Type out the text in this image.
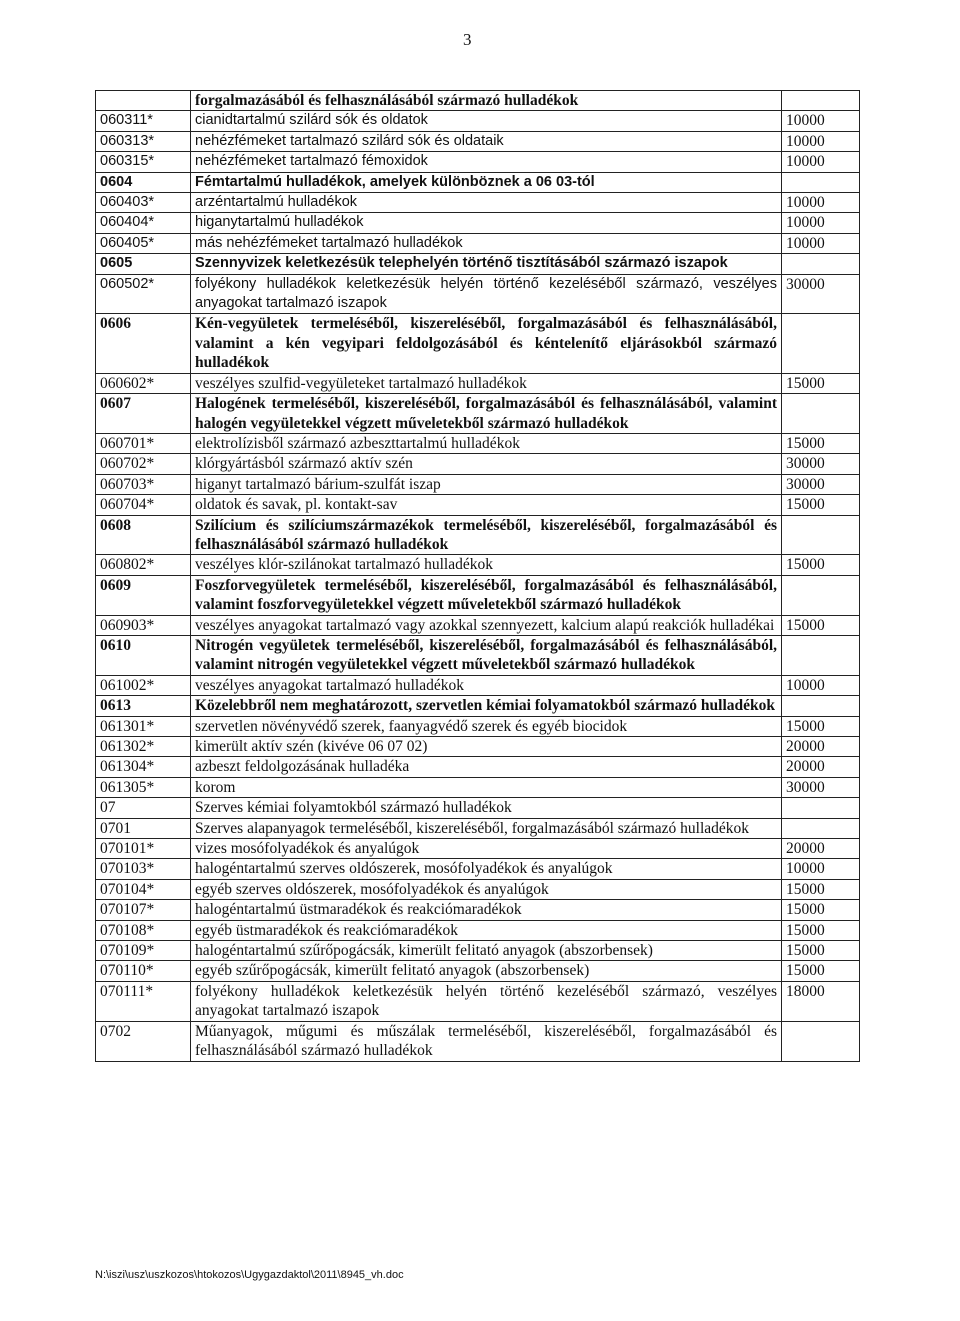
3
	forgalmazásából és felhasználásából származó hulladékok	
060311*	cianidtartalmú szilárd sók és oldatok	10000
060313*	nehézfémeket tartalmazó szilárd sók és oldataik	10000
060315*	nehézfémeket tartalmazó fémoxidok	10000
0604	Fémtartalmú hulladékok, amelyek különböznek a 06 03-tól	
060403*	arzéntartalmú hulladékok	10000
060404*	higanytartalmú hulladékok	10000
060405*	más nehézfémeket tartalmazó hulladékok	10000
0605	Szennyvizek keletkezésük telephelyén történő tisztításából származó iszapok	
060502*	folyékony hulladékok keletkezésük helyén történő kezeléséből származó, veszélyes anyagokat tartalmazó iszapok	30000
0606	Kén-vegyületek termeléséből, kiszereléséből, forgalmazásából és felhasználásából, valamint a kén vegyipari feldolgozásából és kéntelenítő eljárásokból származó hulladékok	
060602*	veszélyes szulfid-vegyületeket tartalmazó hulladékok	15000
0607	Halogének termeléséből, kiszereléséből, forgalmazásából és felhasználásából, valamint halogén vegyületekkel végzett műveletekből származó hulladékok	
060701*	elektrolízisből származó azbeszttartalmú hulladékok	15000
060702*	klórgyártásból származó aktív szén	30000
060703*	higanyt tartalmazó bárium-szulfát iszap	30000
060704*	oldatok és savak, pl. kontakt-sav	15000
0608	Szilícium és szilíciumszármazékok termeléséből, kiszereléséből, forgalmazásából és felhasználásából származó hulladékok	
060802*	veszélyes klór-szilánokat tartalmazó hulladékok	15000
0609	Foszforvegyületek termeléséből, kiszereléséből, forgalmazásából és felhasználásából, valamint foszforvegyületekkel végzett műveletekből származó hulladékok	
060903*	veszélyes anyagokat tartalmazó vagy azokkal szennyezett, kalcium alapú reakciók hulladékai	15000
0610	Nitrogén vegyületek termeléséből, kiszereléséből, forgalmazásából és felhasználásából, valamint nitrogén vegyületekkel végzett műveletekből származó hulladékok	
061002*	veszélyes anyagokat tartalmazó hulladékok	10000
0613	Közelebbről nem meghatározott, szervetlen kémiai folyamatokból származó hulladékok	
061301*	szervetlen növényvédő szerek, faanyagvédő szerek és egyéb biocidok	15000
061302*	kimerült aktív szén (kivéve 06 07 02)	20000
061304*	azbeszt feldolgozásának hulladéka	20000
061305*	korom	30000
07	Szerves kémiai folyamtokból származó hulladékok	
0701	Szerves alapanyagok termeléséből, kiszereléséből, forgalmazásából származó hulladékok	
070101*	vizes mosófolyadékok és anyalúgok	20000
070103*	halogéntartalmú szerves oldószerek, mosófolyadékok és anyalúgok	10000
070104*	egyéb szerves oldószerek, mosófolyadékok és anyalúgok	15000
070107*	halogéntartalmú üstmaradékok és reakciómaradékok	15000
070108*	egyéb üstmaradékok és reakciómaradékok	15000
070109*	halogéntartalmú szűrőpogácsák, kimerült felitató anyagok (abszorbensek)	15000
070110*	egyéb szűrőpogácsák, kimerült felitató anyagok (abszorbensek)	15000
070111*	folyékony hulladékok keletkezésük helyén történő kezeléséből származó, veszélyes anyagokat tartalmazó iszapok	18000
0702	Műanyagok, műgumi és műszálak termeléséből, kiszereléséből, forgalmazásából és felhasználásából származó hulladékok	
N:\iszi\usz\uszkozos\htokozos\Ugygazdaktol\2011\8945_vh.doc
